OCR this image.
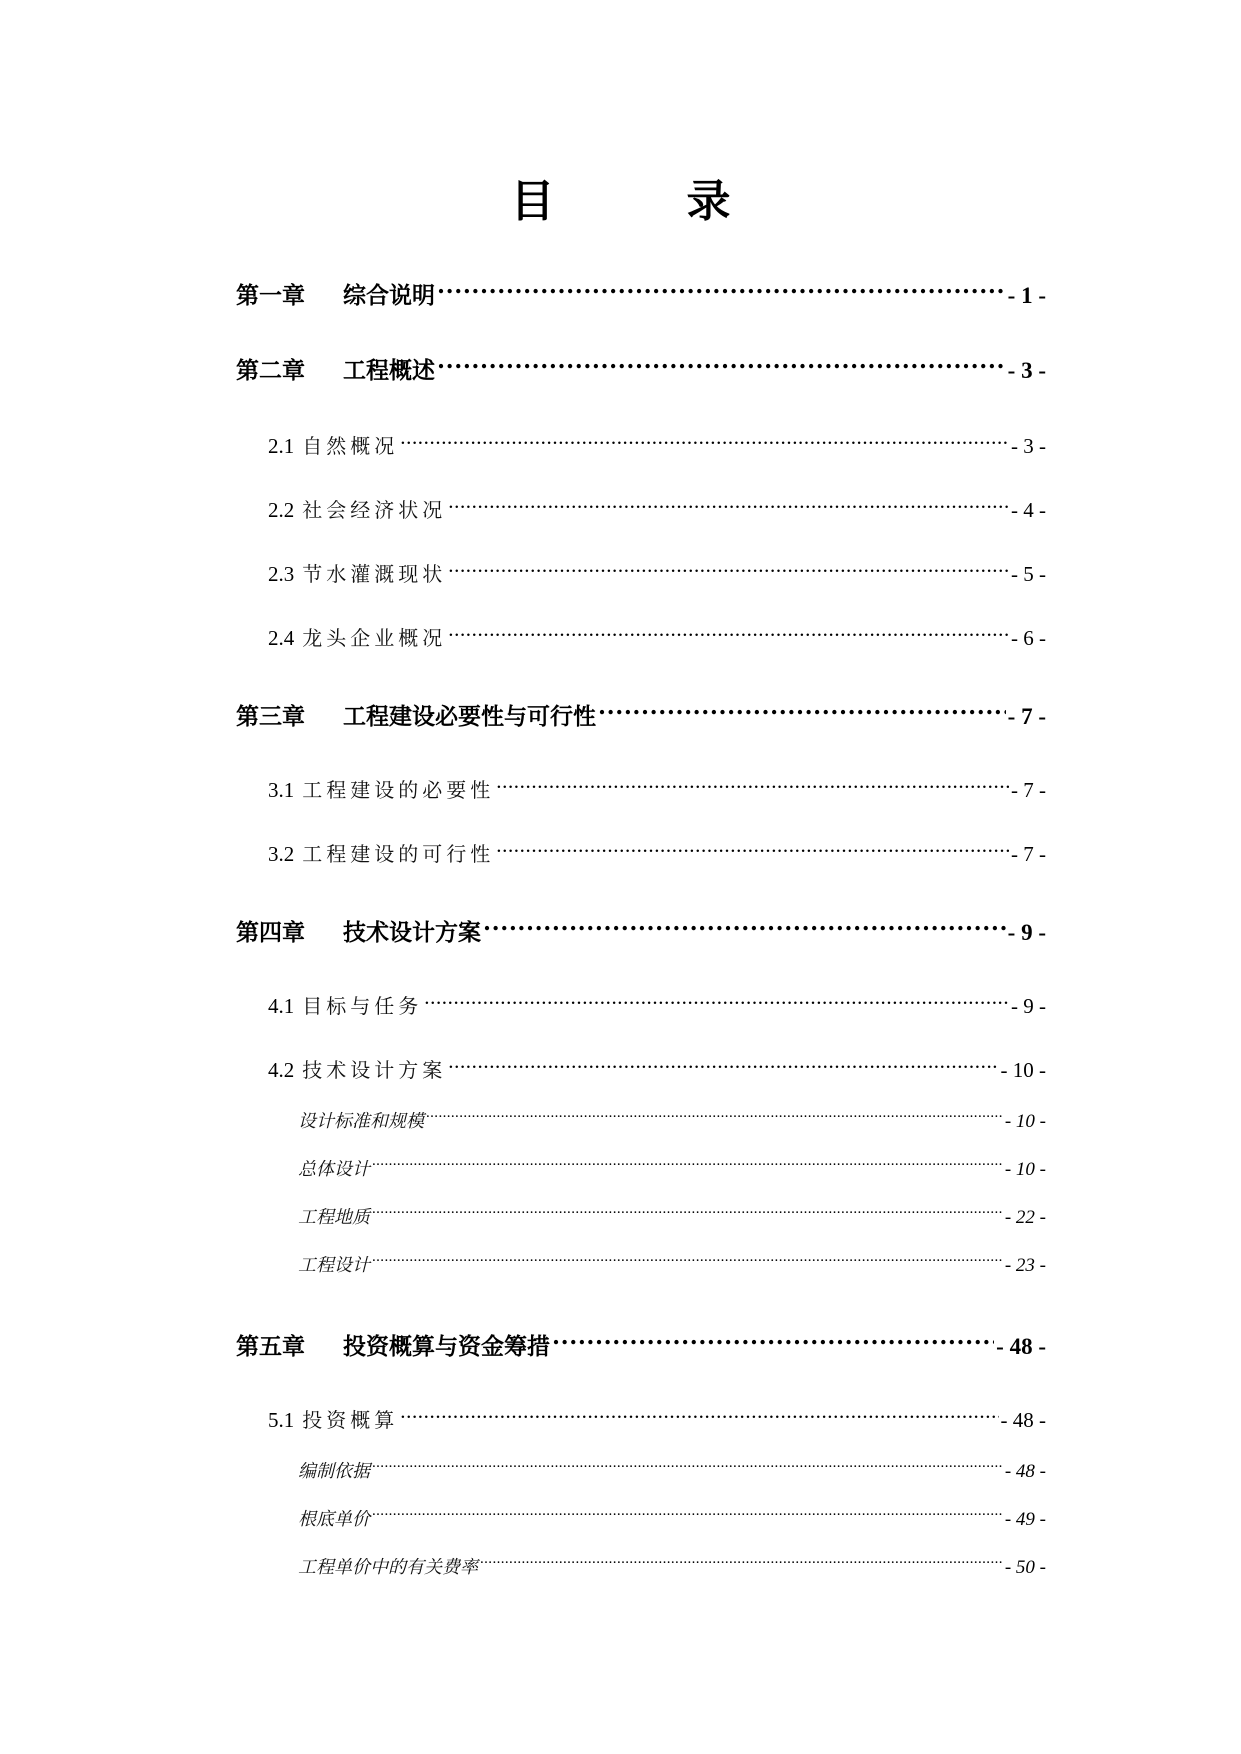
目　录
第一章 综合说明 .....	- 1 -
第二章 工程概述 .....	- 3 -
2.1 自然概况 .....	- 3 -
2.2 社会经济状况 .....	- 4 -
2.3 节水灌溉现状 .....	- 5 -
2.4 龙头企业概况 .....	- 6 -
第三章 工程建设必要性与可行性 .....	- 7 -
3.1 工程建设的必要性 .....	- 7 -
3.2 工程建设的可行性 .....	- 7 -
第四章 技术设计方案 .....	- 9 -
4.1 目标与任务 .....	- 9 -
4.2 技术设计方案 .....	- 10 -
设计标准和规模 .....	- 10 -
总体设计 .....	- 10 -
工程地质 .....	- 22 -
工程设计 .....	- 23 -
第五章 投资概算与资金筹措 .....	- 48 -
5.1 投资概算 .....	- 48 -
编制依据 .....	- 48 -
根底单价 .....	- 49 -
工程单价中的有关费率 .....	- 50 -
